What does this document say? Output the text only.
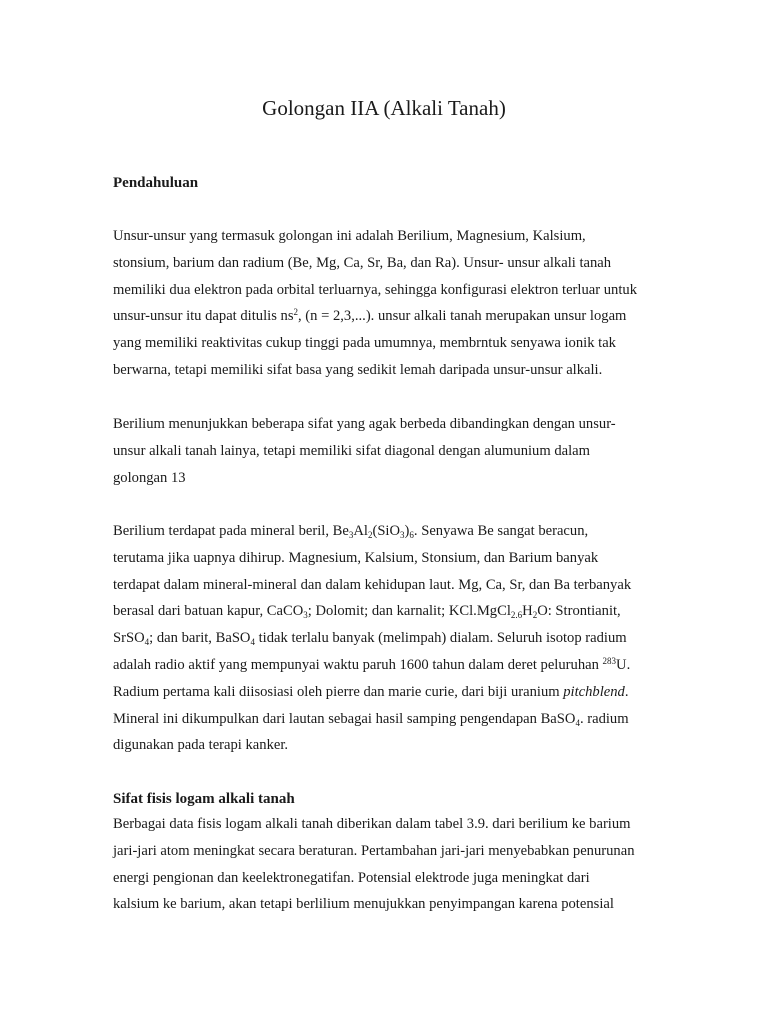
Golongan IIA (Alkali Tanah)
Pendahuluan

Unsur-unsur yang termasuk golongan ini adalah Berilium, Magnesium, Kalsium,
stonsium, barium dan radium (Be, Mg, Ca, Sr, Ba, dan Ra). Unsur- unsur alkali tanah
memiliki dua elektron pada orbital terluarnya, sehingga konfigurasi elektron terluar untuk
unsur-unsur itu dapat ditulis $ns^2$, (n = 2,3,...). unsur alkali tanah merupakan unsur logam
yang memiliki reaktivitas cukup tinggi pada umumnya, membrntuk senyawa ionik tak
berwarna, tetapi memiliki sifat basa yang sedikit lemah daripada unsur-unsur alkali.

Berilium menunjukkan beberapa sifat yang agak berbeda dibandingkan dengan unsur-
unsur alkali tanah lainya, tetapi memiliki sifat diagonal dengan alumunium dalam
golongan 13

Berilium terdapat pada mineral beril, $Be_3Al_2(SiO_3)_6$. Senyawa Be sangat beracun,
terutama jika uapnya dihirup. Magnesium, Kalsium, Stonsium, dan Barium banyak
terdapat dalam mineral-mineral dan dalam kehidupan laut. Mg, Ca, Sr, dan Ba terbanyak
berasal dari batuan kapur, CaCO$_3$; Dolomit; dan karnalit; $KCl.MgCl_{2.6}H_2O$: Strontianit,
SrSO$_4$; dan barit, BaSO$_4$ tidak terlalu banyak (melimpah) dialam. Seluruh isotop radium
adalah radio aktif yang mempunyai waktu paruh 1600 tahun dalam deret peluruhan $^{283}$U.
Radium pertama kali diisosiasi oleh pierre dan marie curie, dari biji uranium pitchblend.
Mineral ini dikumpulkan dari lautan sebagai hasil samping pengendapan BaSO$_4$. radium
digunakan pada terapi kanker.

Sifat fisis logam alkali tanah

Berbagai data fisis logam alkali tanah diberikan dalam tabel 3.9. dari berilium ke barium
jari-jari atom meningkat secara beraturan. Pertambahan jari-jari menyebabkan penurunan
energi pengionan dan keelektronegatifan. Potensial elektrode juga meningkat dari
kalsium ke barium, akan tetapi berlilium menujukkan penyimpangan karena potensial
